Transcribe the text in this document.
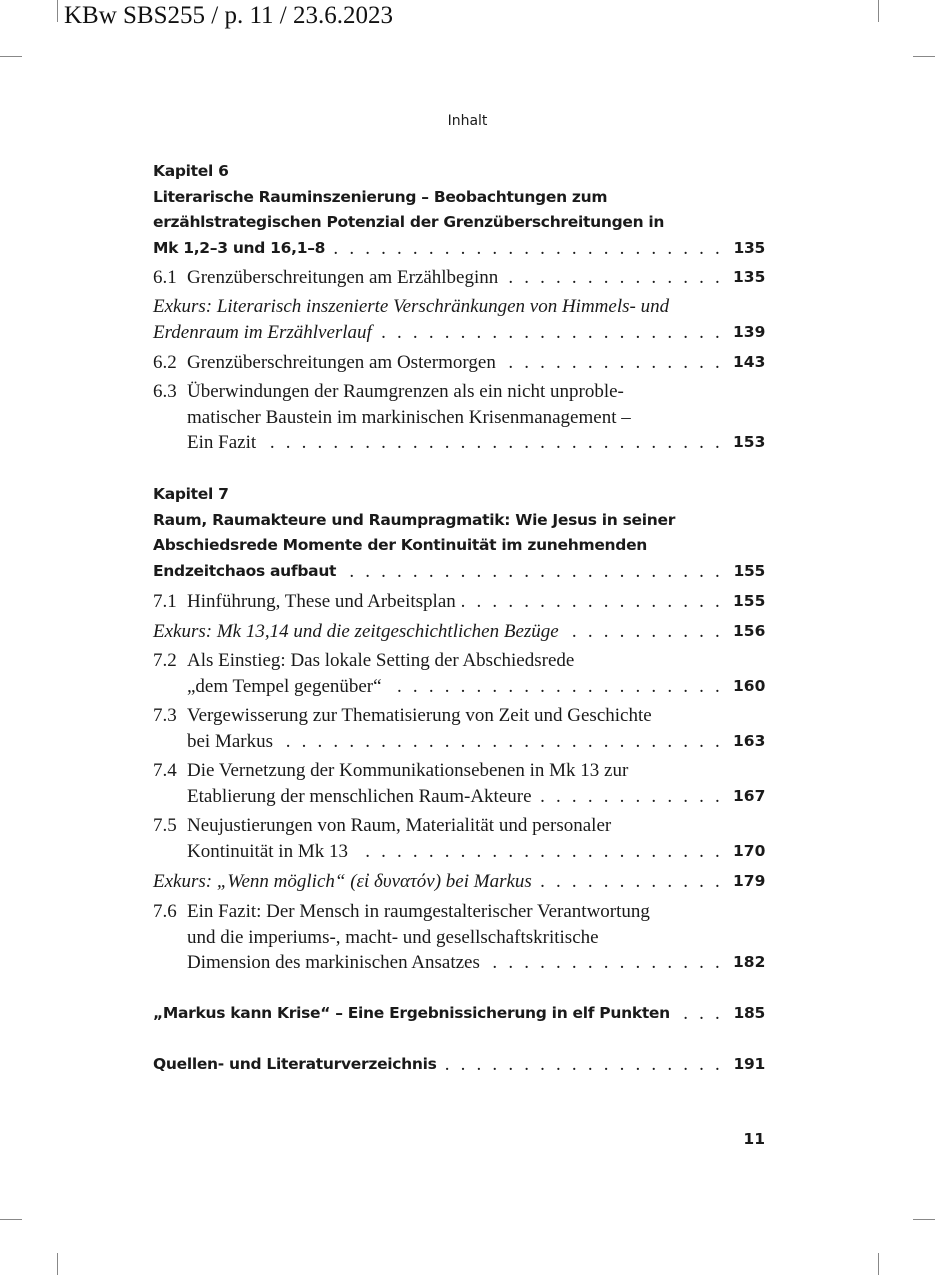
KBw SBS255 / p. 11 / 23.6.2023
Inhalt
Kapitel 6
Literarische Rauminszenierung – Beobachtungen zum
erzählstrategischen Potenzial der Grenzüberschreitungen in
Mk 1,2–3 und 16,1–8 . . .	135
6.1 Grenzüberschreitungen am Erzählbeginn . . .	135
Exkurs: Literarisch inszenierte Verschränkungen von Himmels- und
Erdenraum im Erzählverlauf . . .	139
6.2 Grenzüberschreitungen am Ostermorgen . . .	143
6.3 Überwindungen der Raumgrenzen als ein nicht unproble-
matischer Baustein im markinischen Krisenmanagement –
Ein Fazit . . .	153
Kapitel 7
Raum, Raumakteure und Raumpragmatik: Wie Jesus in seiner
Abschiedsrede Momente der Kontinuität im zunehmenden
Endzeitchaos aufbaut . . .	155
7.1 Hinführung, These und Arbeitsplan . . .	155
Exkurs: Mk 13,14 und die zeitgeschichtlichen Bezüge . . .	156
7.2 Als Einstieg: Das lokale Setting der Abschiedsrede
„dem Tempel gegenüber“ . . .	160
7.3 Vergewisserung zur Thematisierung von Zeit und Geschichte
bei Markus . . .	163
7.4 Die Vernetzung der Kommunikationsebenen in Mk 13 zur
Etablierung der menschlichen Raum-Akteure . . .	167
7.5 Neujustierungen von Raum, Materialität und personaler
Kontinuität in Mk 13 . . .	170
Exkurs: „Wenn möglich“ (εἰ δυνατόν) bei Markus . . .	179
7.6 Ein Fazit: Der Mensch in raumgestalterischer Verantwortung
und die imperiums-, macht- und gesellschaftskritische
Dimension des markinischen Ansatzes . . .	182
„Markus kann Krise“ – Eine Ergebnissicherung in elf Punkten . . .	185
Quellen- und Literaturverzeichnis . . .	191
11
